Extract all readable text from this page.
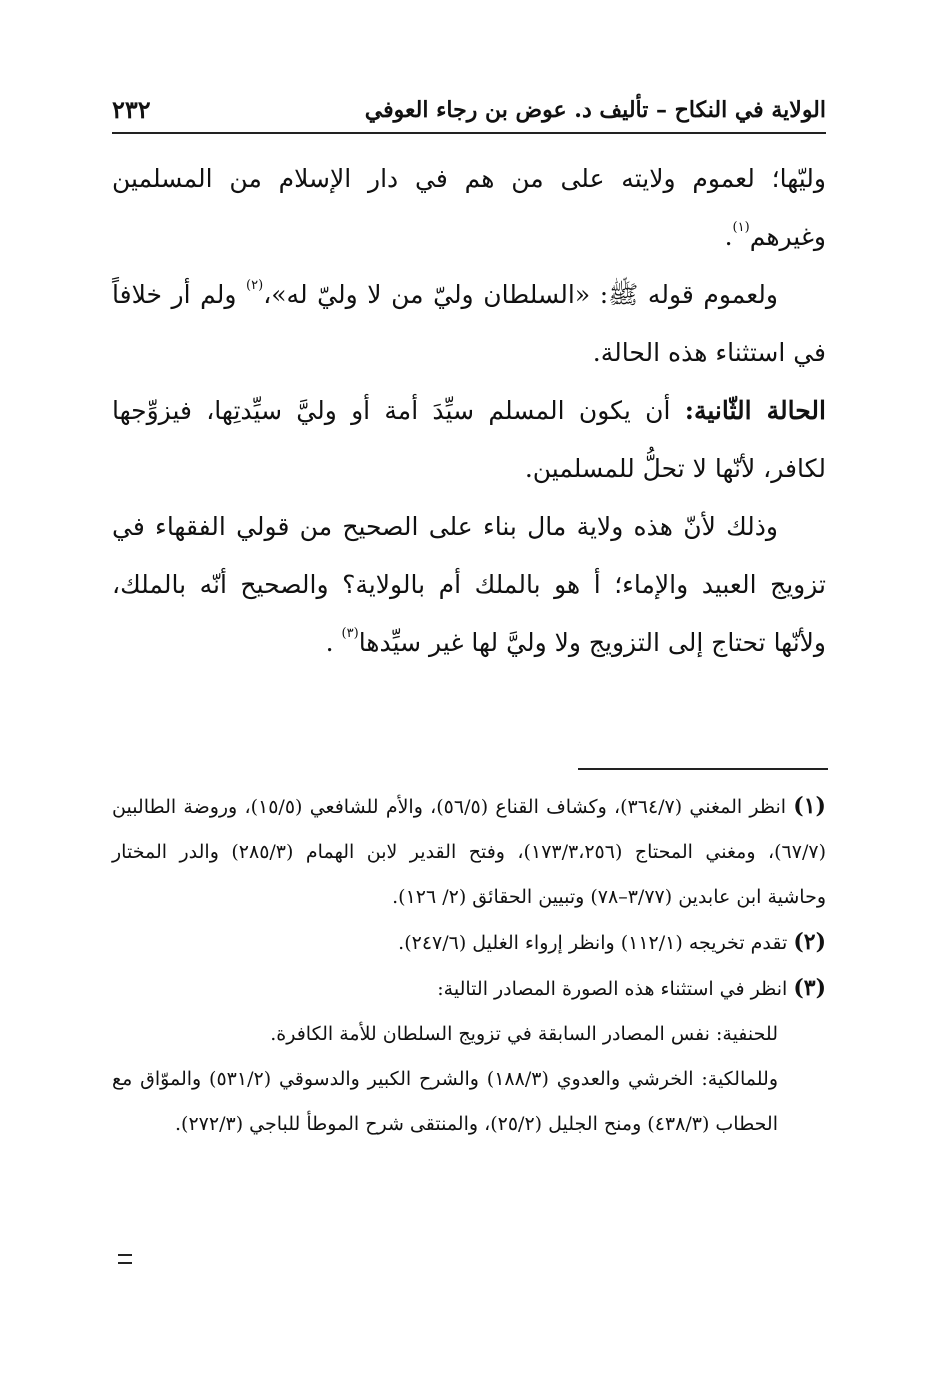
الولاية في النكاح – تأليف د. عوض بن رجاء العوفي
٢٣٢

وليّها؛ لعموم ولايته على من هم في دار الإسلام من المسلمين وغيرهم$^{(١)}$.

ولعموم قوله ﷺ: «السلطان وليّ من لا وليّ له»،$^{(٢)}$ ولم أر خلافاً في استثناء هذه الحالة.

الحالة الثّانية: أن يكون المسلم سيِّدَ أمة أو وليَّ سيِّدتِها، فيزوِّجها لكافر، لأنّها لا تحلُّ للمسلمين.

وذلك لأنّ هذه ولاية مال بناء على الصحيح من قولي الفقهاء في تزويج العبيد والإماء؛ أ هو بالملك أم بالولاية؟ والصحيح أنّه بالملك، ولأنّها تحتاج إلى التزويج ولا وليَّ لها غير سيِّدها$^{(٣)}$ .

(١) انظر المغني (٣٦٤/٧)، وكشاف القناع (٥٦/٥)، والأم للشافعي (١٥/٥)، وروضة الطالبين (٦٧/٧)، ومغني المحتاج (١٧٣/٣،٢٥٦)، وفتح القدير لابن الهمام (٢٨٥/٣) والدر المختار وحاشية ابن عابدين (٣/٧٧–٧٨) وتبيين الحقائق (٢/ ١٢٦).

(٢) تقدم تخريجه (١١٢/١) وانظر إرواء الغليل (٢٤٧/٦).

(٣) انظر في استثناء هذه الصورة المصادر التالية:

للحنفية: نفس المصادر السابقة في تزويج السلطان للأمة الكافرة.

وللمالكية: الخرشي والعدوي (١٨٨/٣) والشرح الكبير والدسوقي (٥٣١/٢) والموّاق مع الحطاب (٤٣٨/٣) ومنح الجليل (٢٥/٢)، والمنتقى شرح الموطأ للباجي (٢٧٢/٣).
